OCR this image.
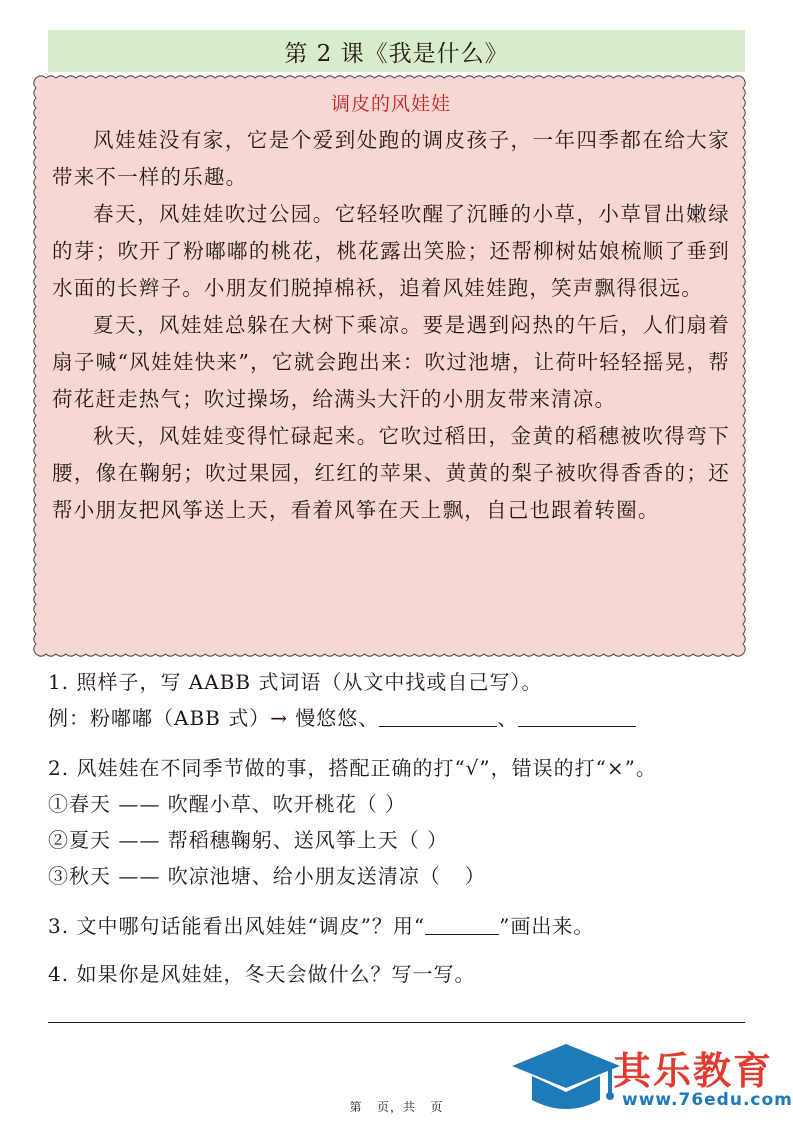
第 2 课《我是什么》
调皮的风娃娃

风娃娃没有家，它是个爱到处跑的调皮孩子，一年四季都在给大家带来不一样的乐趣。

春天，风娃娃吹过公园。它轻轻吹醒了沉睡的小草，小草冒出嫩绿的芽；吹开了粉嘟嘟的桃花，桃花露出笑脸；还帮柳树姑娘梳顺了垂到水面的长辫子。小朋友们脱掉棉袄，追着风娃娃跑，笑声飘得很远。

夏天，风娃娃总躲在大树下乘凉。要是遇到闷热的午后，人们扇着扇子喊“风娃娃快来”，它就会跑出来：吹过池塘，让荷叶轻轻摇晃，帮荷花赶走热气；吹过操场，给满头大汗的小朋友带来清凉。

秋天，风娃娃变得忙碌起来。它吹过稻田，金黄的稻穗被吹得弯下腰，像在鞠躬；吹过果园，红红的苹果、黄黄的梨子被吹得香香的；还帮小朋友把风筝送上天，看着风筝在天上飘，自己也跟着转圈。

1. 照样子，写 AABB 式词语（从文中找或自己写）。

例：粉嘟嘟（ABB 式）→ 慢悠悠、	、

2. 风娃娃在不同季节做的事，搭配正确的打“√”，错误的打“×”。

①春天 —— 吹醒小草、吹开桃花（ ）

②夏天 —— 帮稻穗鞠躬、送风筝上天（ ）

③秋天 —— 吹凉池塘、给小朋友送清凉（ ）

3. 文中哪句话能看出风娃娃“调皮”？用“	”画出来。

4. 如果你是风娃娃，冬天会做什么？写一写。

其乐教育
www.76edu.com
第   页，共   页
